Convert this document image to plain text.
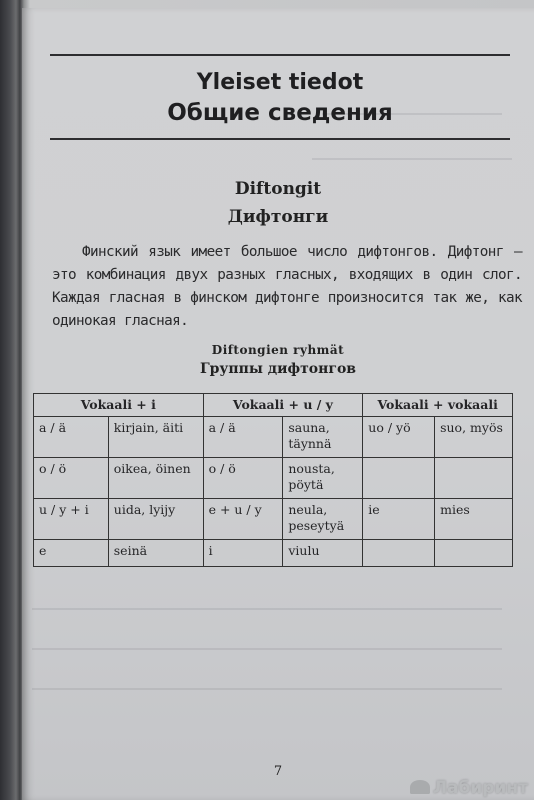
Yleiset tiedot
Общие сведения
Diftongit
Дифтонги
Финский язык имеет большое число дифтонгов. Дифтонг — это комбинация двух разных гласных, входящих в один слог. Каждая гласная в финском дифтонге произносится так же, как одинокая гласная.
Diftongien ryhmät
Группы дифтонгов
Vokaali + i		Vokaali + u / y		Vokaali + vokaali	
a / ä	kirjain, äiti	a / ä	sauna, täynnä	uo / yö	suo, myös
o / ö	oikea, öinen	o / ö	nousta, pöytä		
u / y + i	uida, lyijy	e + u / y	neula, peseytyä	ie	mies
e	seinä	i	viulu		
7
Лабиринт
